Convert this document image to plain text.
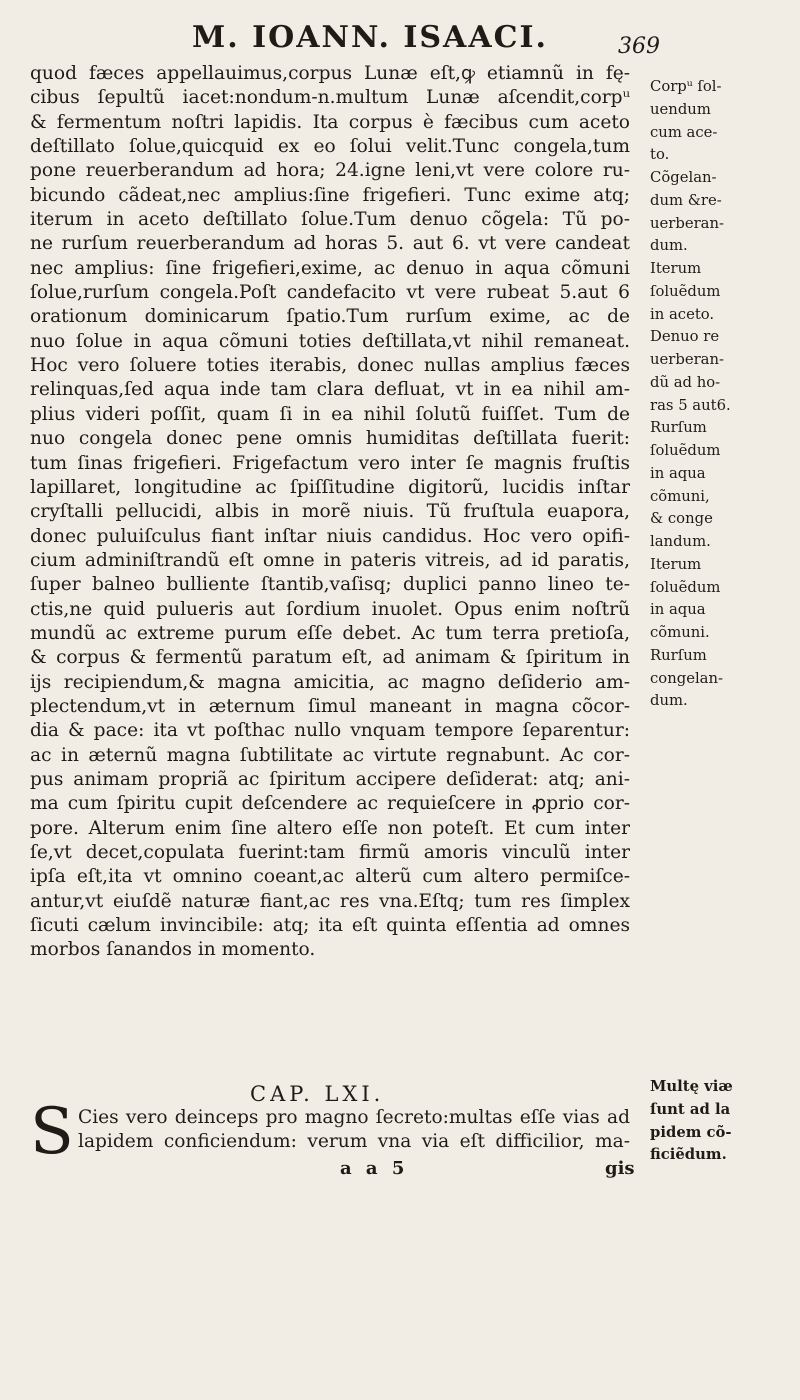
M. IOANN. ISAACI.	369
quod fæces appellauimus,corpus Lunæ eſt,ꝙ etiamnũ in fę-
cibus ſepultũ iacet:nondum-n.multum Lunæ aſcendit,corpᵘ
& fermentum noſtri lapidis. Ita corpus è fæcibus cum aceto
deſtillato ſolue,quicquid ex eo ſolui velit.Tunc congela,tum
pone reuerberandum ad hora; 24.igne leni,vt vere colore ru-
bicundo cãdeat,nec amplius:ſine frigefieri. Tunc exime atq;
iterum in aceto deſtillato ſolue.Tum denuo cõgela: Tũ po-
ne rurſum reuerberandum ad horas 5. aut 6. vt vere candeat
nec amplius: ſine frigefieri,exime, ac denuo in aqua cõmuni
ſolue,rurſum congela.Poſt candefacito vt vere rubeat 5.aut 6
orationum dominicarum ſpatio.Tum rurſum exime, ac de
nuo ſolue in aqua cõmuni toties deſtillata,vt nihil remaneat.
Hoc vero ſoluere toties iterabis, donec nullas amplius fæces
relinquas,ſed aqua inde tam clara defluat, vt in ea nihil am-
plius videri poſſit, quam ſi in ea nihil ſolutũ fuiſſet. Tum de
nuo congela donec pene omnis humiditas deſtillata fuerit:
tum ſinas frigefieri. Frigefactum vero inter ſe magnis fruſtis
lapillaret, longitudine ac ſpiſſitudine digitorũ, lucidis inſtar
cryſtalli pellucidi, albis in morẽ niuis. Tũ fruſtula euapora,
donec puluiſculus fiant inſtar niuis candidus. Hoc vero opifi-
cium adminiſtrandũ eſt omne in pateris vitreis, ad id paratis,
ſuper balneo bulliente ſtantib,vaſisq; duplici panno lineo te-
ctis,ne quid pulueris aut ſordium inuolet. Opus enim noſtrũ
mundũ ac extreme purum eſſe debet. Ac tum terra pretioſa,
& corpus & fermentũ paratum eſt, ad animam & ſpiritum in
ijs recipiendum,& magna amicitia, ac magno deſiderio am-
plectendum,vt in æternum ſimul maneant in magna cõcor-
dia & pace: ita vt poſthac nullo vnquam tempore ſeparentur:
ac in æternũ magna ſubtilitate ac virtute regnabunt. Ac cor-
pus animam propriã ac ſpiritum accipere deſiderat: atq; ani-
ma cum ſpiritu cupit deſcendere ac requieſcere in ꝓprio cor-
pore. Alterum enim ſine altero eſſe non poteſt. Et cum inter
ſe,vt decet,copulata fuerint:tam firmũ amoris vinculũ inter
ipſa eſt,ita vt omnino coeant,ac alterũ cum altero permiſce-
antur,vt eiuſdẽ naturæ fiant,ac res vna.Eſtq; tum res ſimplex
ſicuti cælum invincibile: atq; ita eſt quinta eſſentia ad omnes
morbos ſanandos in momento.
Corpᵘ ſol-
uendum
cum ace-
to.
Cõgelan-
dum &re-
uerberan-
dum.
Iterum
ſoluẽdum
in aceto.
Denuo re
uerberan-
dũ ad ho-
ras 5 aut6.
Rurſum
ſoluẽdum
in aqua
cõmuni,
& conge
landum.
Iterum
ſoluẽdum
in aqua
cõmuni.
Rurſum
congelan-
dum.
CAP. LXI.
S Cies vero deinceps pro magno ſecreto:multas eſſe vias ad
lapidem conficiendum: verum vna via eſt difficilior, ma-
Multę viæ
ſunt ad la
pidem cõ-
ficiẽdum.
a a 5	gis
